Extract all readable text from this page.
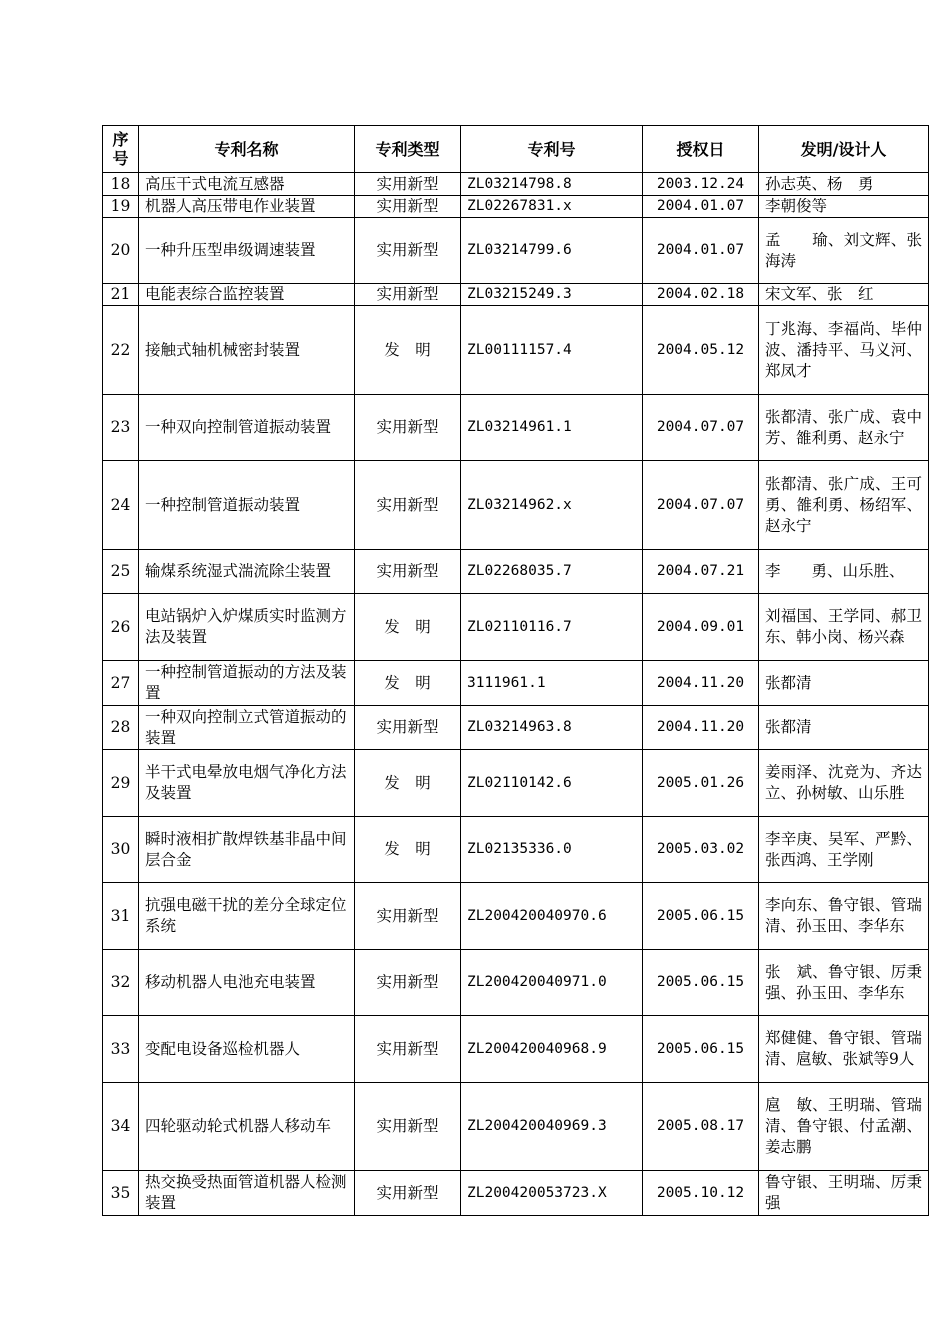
序号	专利名称	专利类型	专利号	授权日	发明/设计人
18	高压干式电流互感器	实用新型	ZL03214798.8	2003.12.24	孙志英、杨　勇
19	机器人高压带电作业装置	实用新型	ZL02267831.x	2004.01.07	李朝俊等
20	一种升压型串级调速装置	实用新型	ZL03214799.6	2004.01.07	孟　　瑜、刘文辉、张海涛
21	电能表综合监控装置	实用新型	ZL03215249.3	2004.02.18	宋文军、张　红
22	接触式轴机械密封装置	发　明	ZL00111157.4	2004.05.12	丁兆海、李福尚、毕仲波、潘持平、马义河、郑凤才
23	一种双向控制管道振动装置	实用新型	ZL03214961.1	2004.07.07	张都清、张广成、袁中芳、雒利勇、赵永宁
24	一种控制管道振动装置	实用新型	ZL03214962.x	2004.07.07	张都清、张广成、王可勇、雒利勇、杨绍军、赵永宁
25	输煤系统湿式湍流除尘装置	实用新型	ZL02268035.7	2004.07.21	李　　勇、山乐胜、
26	电站锅炉入炉煤质实时监测方法及装置	发　明	ZL02110116.7	2004.09.01	刘福国、王学同、郝卫东、韩小岗、杨兴森
27	一种控制管道振动的方法及装置	发　明	3111961.1	2004.11.20	张都清
28	一种双向控制立式管道振动的装置	实用新型	ZL03214963.8	2004.11.20	张都清
29	半干式电晕放电烟气净化方法及装置	发　明	ZL02110142.6	2005.01.26	姜雨泽、沈竞为、齐达立、孙树敏、山乐胜
30	瞬时液相扩散焊铁基非晶中间层合金	发　明	ZL02135336.0	2005.03.02	李辛庚、吴军、严黔、张西鸿、王学刚
31	抗强电磁干扰的差分全球定位系统	实用新型	ZL200420040970.6	2005.06.15	李向东、鲁守银、管瑞清、孙玉田、李华东
32	移动机器人电池充电装置	实用新型	ZL200420040971.0	2005.06.15	张　斌、鲁守银、厉秉强、孙玉田、李华东
33	变配电设备巡检机器人	实用新型	ZL200420040968.9	2005.06.15	郑健健、鲁守银、管瑞清、扈敏、张斌等9人
34	四轮驱动轮式机器人移动车	实用新型	ZL200420040969.3	2005.08.17	扈　敏、王明瑞、管瑞清、鲁守银、付孟潮、姜志鹏
35	热交换受热面管道机器人检测装置	实用新型	ZL200420053723.X	2005.10.12	鲁守银、王明瑞、厉秉强
